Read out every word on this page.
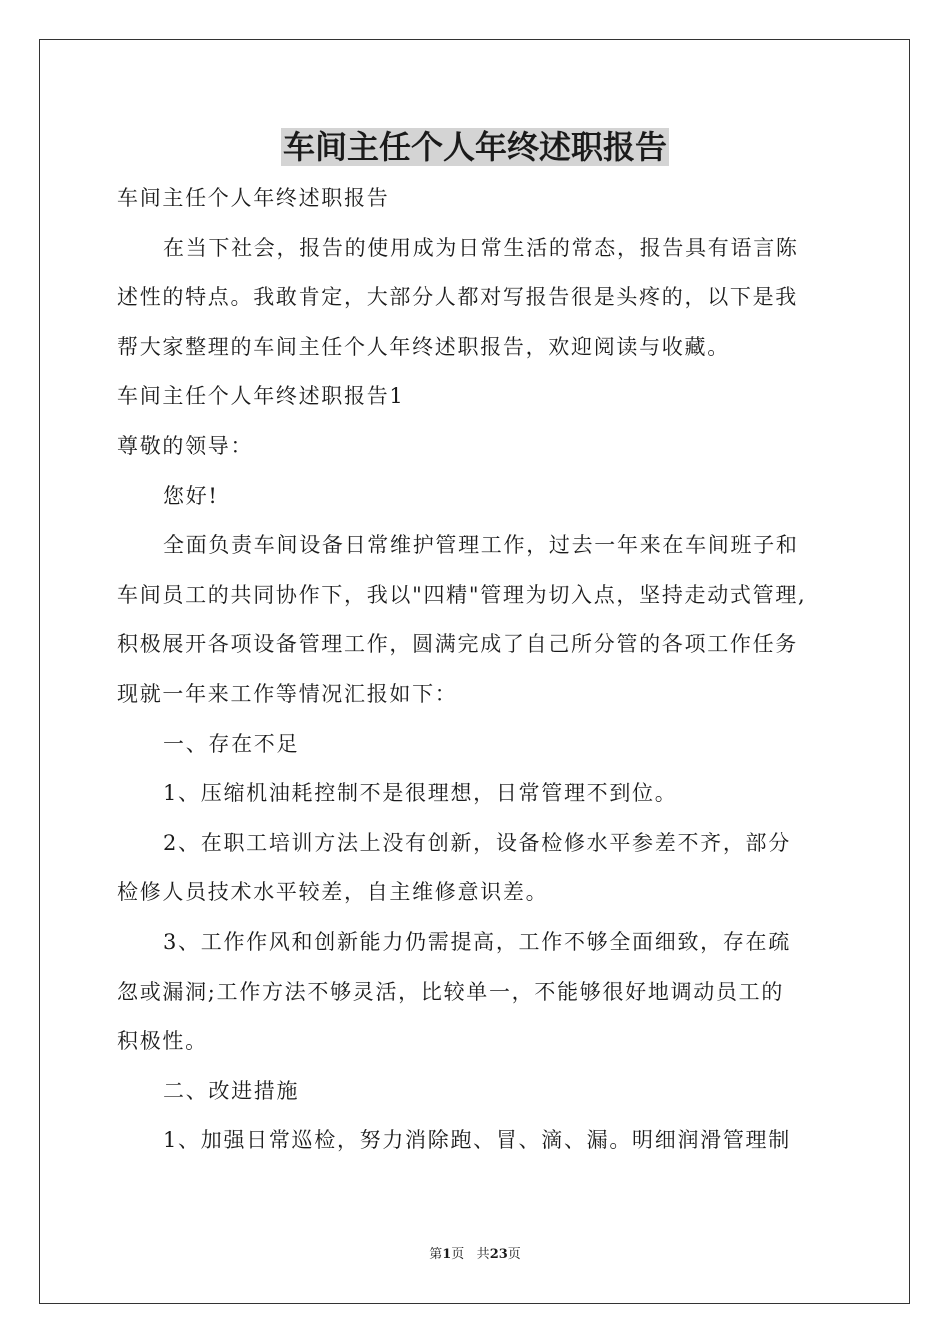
车间主任个人年终述职报告
车间主任个人年终述职报告
在当下社会，报告的使用成为日常生活的常态，报告具有语言陈
述性的特点。我敢肯定，大部分人都对写报告很是头疼的，以下是我
帮大家整理的车间主任个人年终述职报告，欢迎阅读与收藏。
车间主任个人年终述职报告1
尊敬的领导：
您好!
全面负责车间设备日常维护管理工作，过去一年来在车间班子和
车间员工的共同协作下，我以"四精"管理为切入点，坚持走动式管理,
积极展开各项设备管理工作，圆满完成了自己所分管的各项工作任务
现就一年来工作等情况汇报如下：
一、存在不足
1、压缩机油耗控制不是很理想，日常管理不到位。
2、在职工培训方法上没有创新，设备检修水平参差不齐，部分
检修人员技术水平较差，自主维修意识差。
3、工作作风和创新能力仍需提高，工作不够全面细致，存在疏
忽或漏洞;工作方法不够灵活，比较单一，不能够很好地调动员工的
积极性。
二、改进措施
1、加强日常巡检，努力消除跑、冒、滴、漏。明细润滑管理制
第1页 共23页
